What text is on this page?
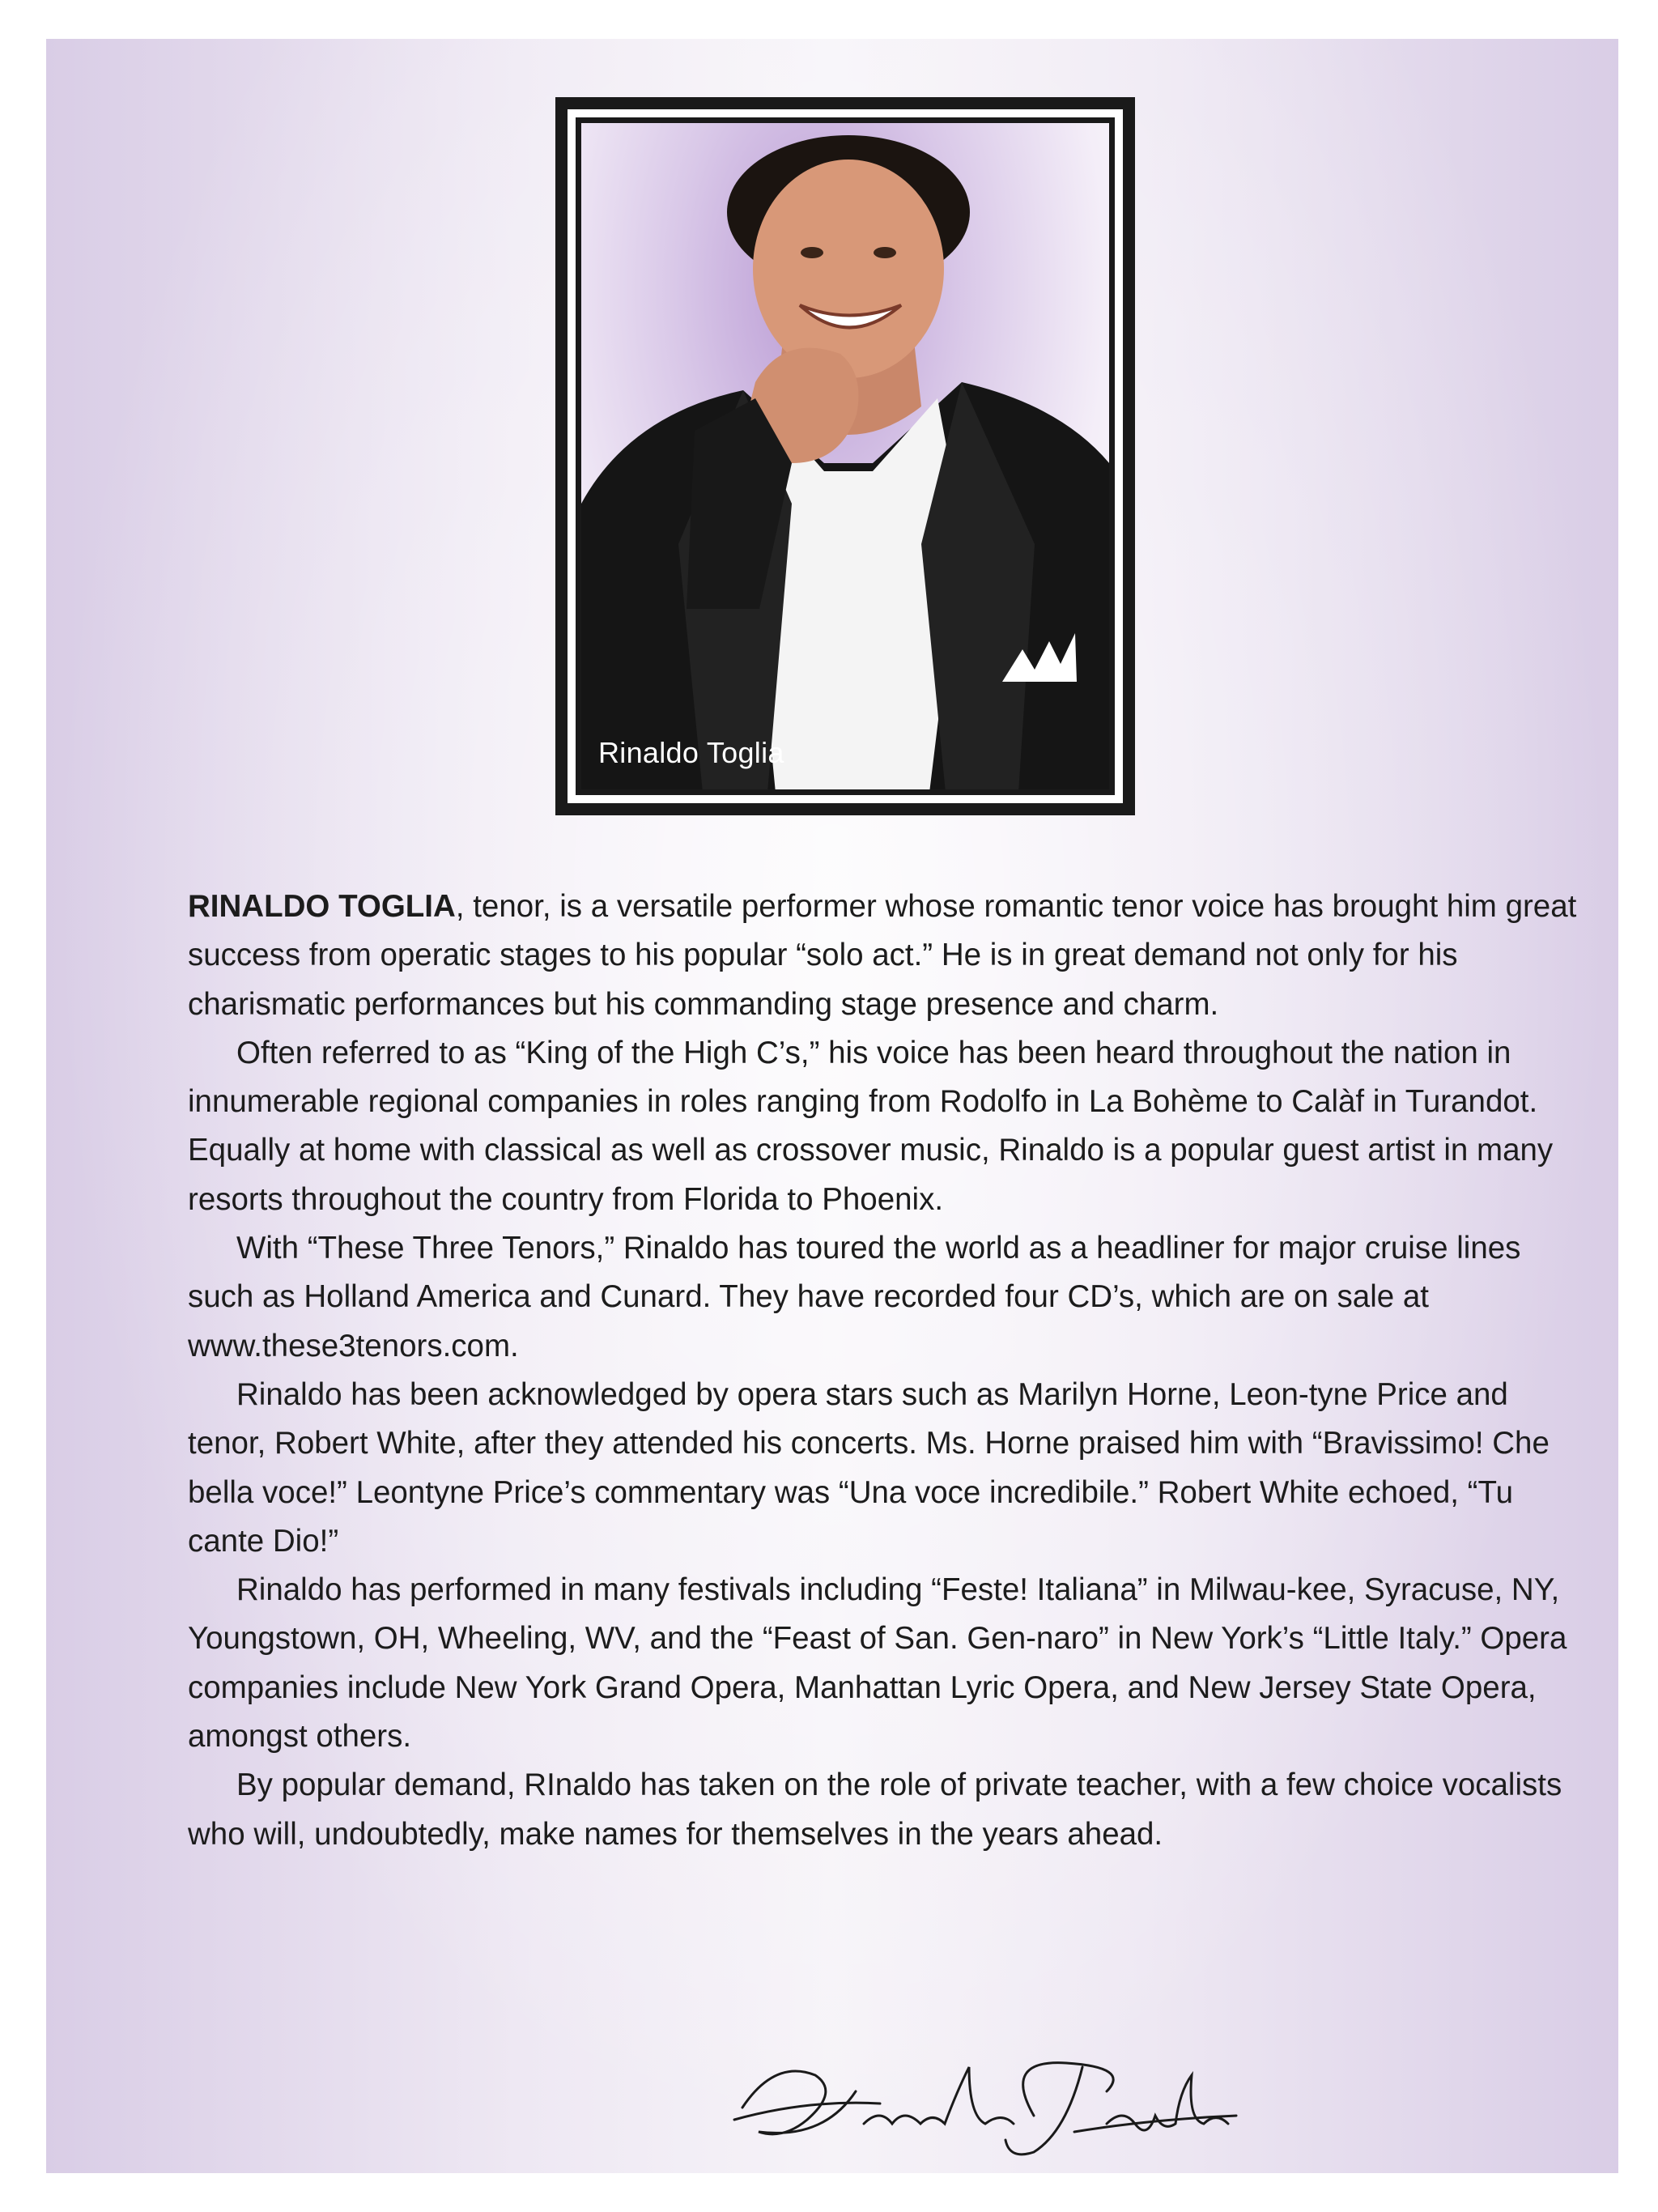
Rinaldo Toglia

RINALDO TOGLIA, tenor, is a versatile performer whose romantic tenor voice has brought him great success from operatic stages to his popular “solo act.” He is in great demand not only for his charismatic performances but his commanding stage presence and charm.

Often referred to as “King of the High C’s,” his voice has been heard throughout the nation in innumerable regional companies in roles ranging from Rodolfo in La Bohème to Calàf in Turandot. Equally at home with classical as well as crossover music, Rinaldo is a popular guest artist in many resorts throughout the country from Florida to Phoenix.

With “These Three Tenors,” Rinaldo has toured the world as a headliner for major cruise lines such as Holland America and Cunard. They have recorded four CD’s, which are on sale at www.these3tenors.com.

Rinaldo has been acknowledged by opera stars such as Marilyn Horne, Leon-tyne Price and tenor, Robert White, after they attended his concerts. Ms. Horne praised him with “Bravissimo! Che bella voce!” Leontyne Price’s commentary was “Una voce incredibile.” Robert White echoed, “Tu cante Dio!”

Rinaldo has performed in many festivals including “Feste! Italiana” in Milwau-kee, Syracuse, NY, Youngstown, OH, Wheeling, WV, and the “Feast of San. Gen-naro” in New York’s “Little Italy.” Opera companies include New York Grand Opera, Manhattan Lyric Opera, and New Jersey State Opera, amongst others.

By popular demand, RInaldo has taken on the role of private teacher, with a few choice vocalists who will, undoubtedly, make names for themselves in the years ahead.
